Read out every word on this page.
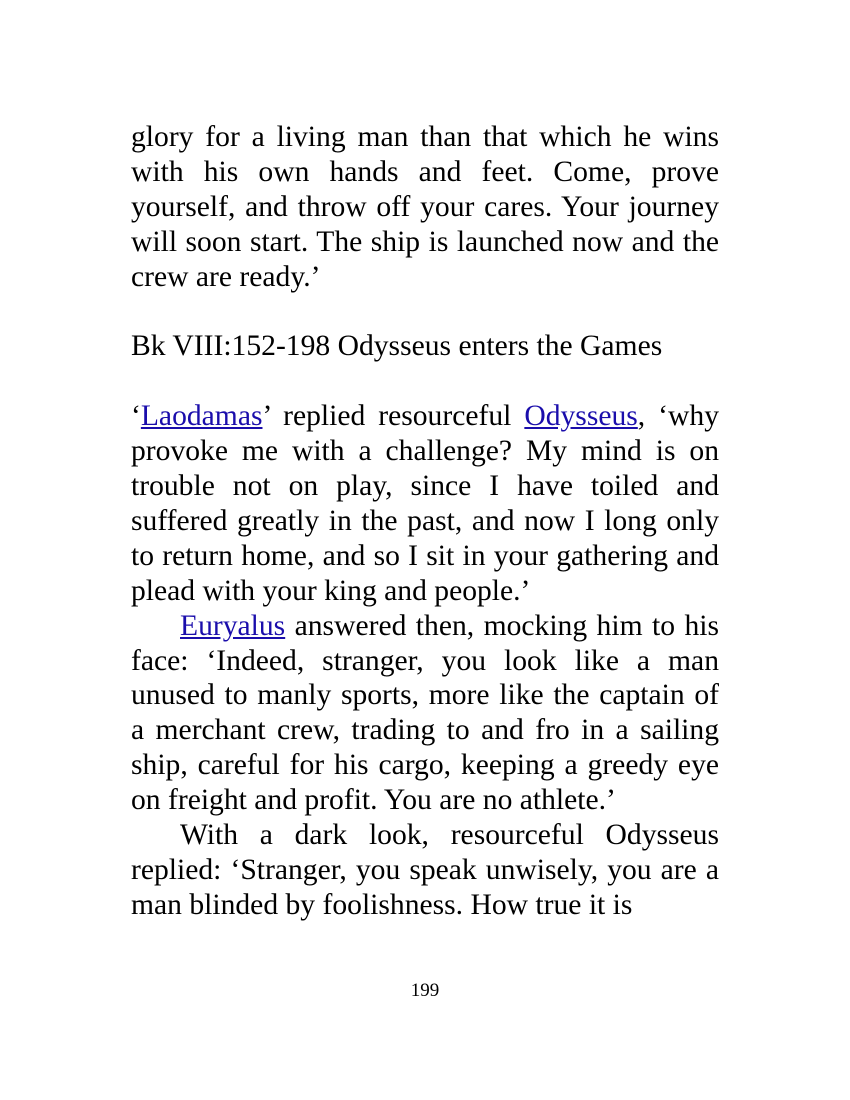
glory for a living man than that which he wins with his own hands and feet. Come, prove yourself, and throw off your cares. Your journey will soon start. The ship is launched now and the crew are ready.’

Bk VIII:152-198 Odysseus enters the Games

‘Laodamas’ replied resourceful Odysseus, ‘why provoke me with a challenge? My mind is on trouble not on play, since I have toiled and suffered greatly in the past, and now I long only to return home, and so I sit in your gathering and plead with your king and people.’

Euryalus answered then, mocking him to his face: ‘Indeed, stranger, you look like a man unused to manly sports, more like the captain of a merchant crew, trading to and fro in a sailing ship, careful for his cargo, keeping a greedy eye on freight and profit. You are no athlete.’

With a dark look, resourceful Odysseus replied: ‘Stranger, you speak unwisely, you are a man blinded by foolishness. How true it is

199
